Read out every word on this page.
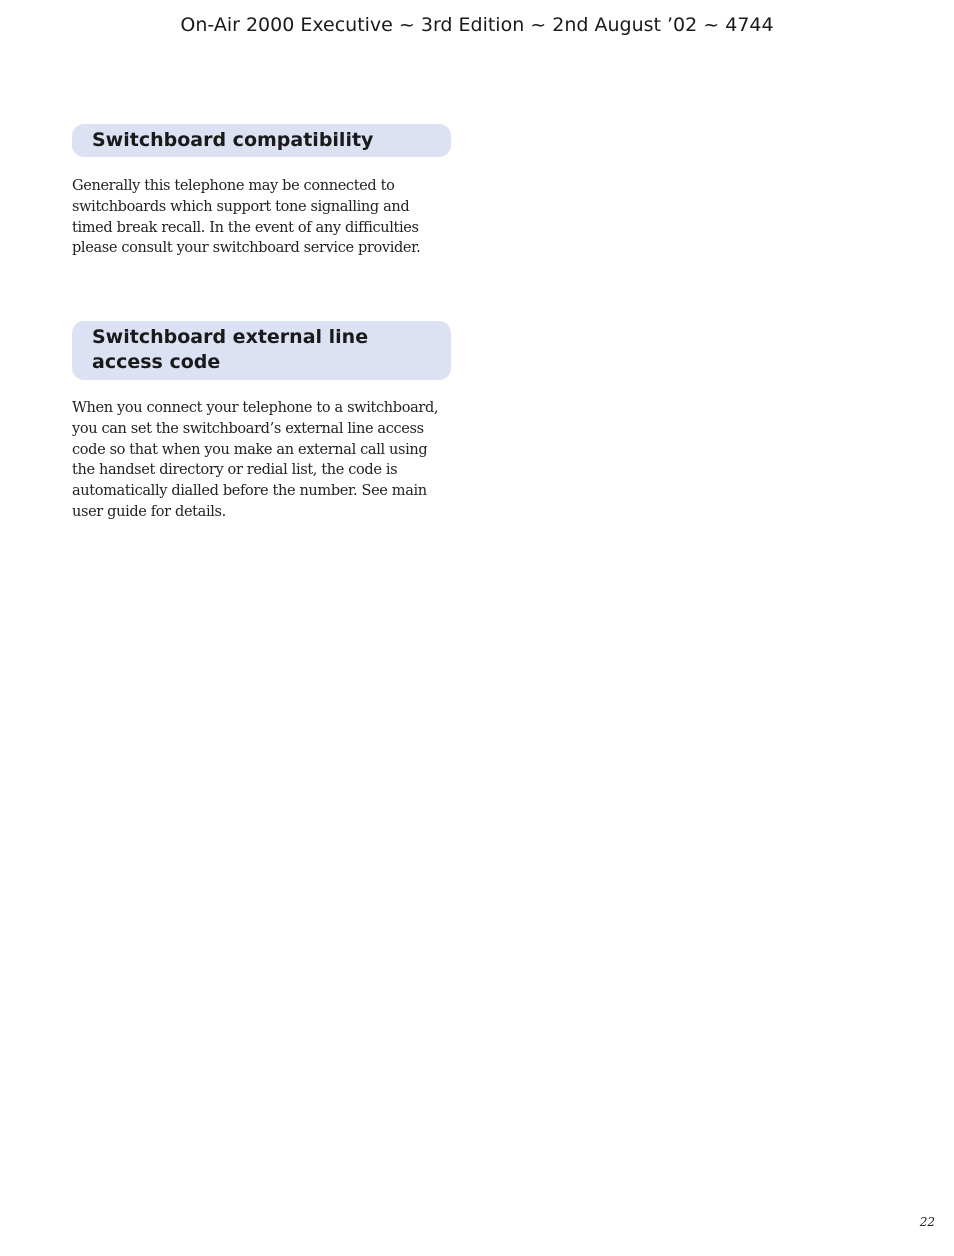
On-Air 2000 Executive ~ 3rd Edition ~ 2nd August ’02 ~ 4744
Switchboard compatibility

Generally this telephone may be connected to switchboards which support tone signalling and timed break recall. In the event of any difficulties please consult your switchboard service provider.

Switchboard external line access code

When you connect your telephone to a switchboard, you can set the switchboard’s external line access code so that when you make an external call using the handset directory or redial list, the code is automatically dialled before the number. See main user guide for details.

22
